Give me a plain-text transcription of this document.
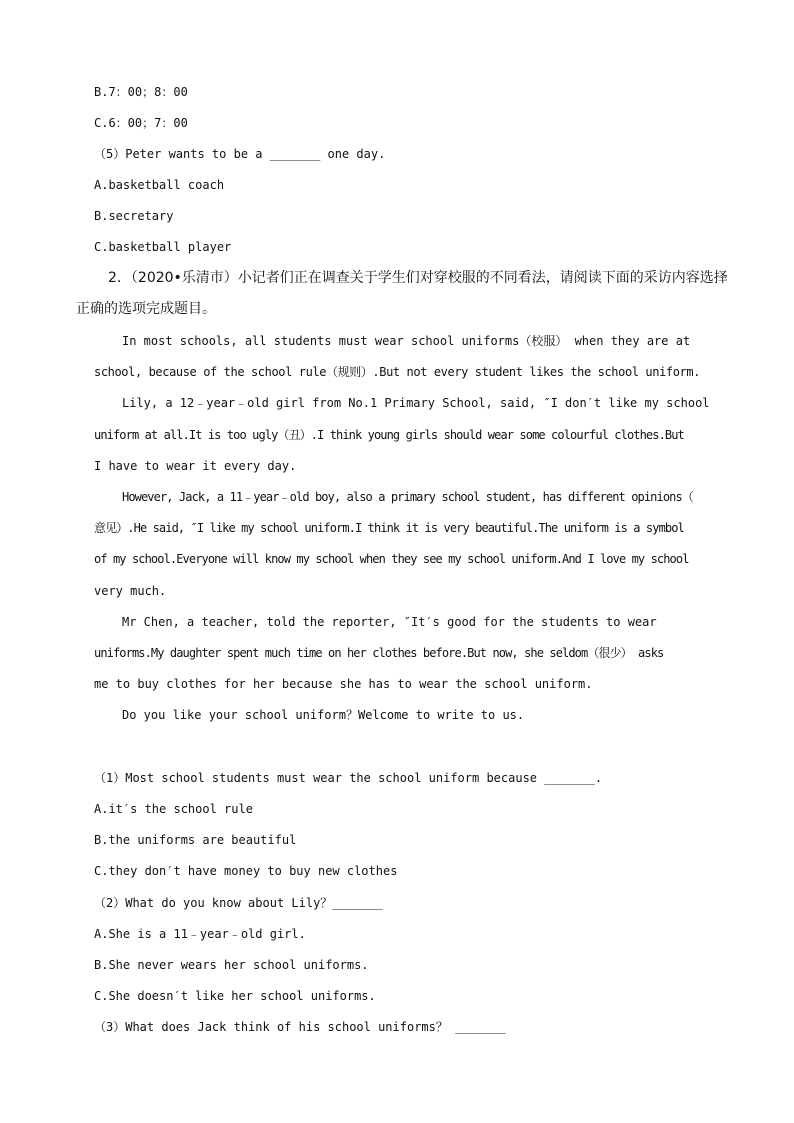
B.7：00；8：00
C.6：00；7：00
（5）Peter wants to be a _______ one day.
A.basketball coach
B.secretary
C.basketball player
2．（2020•乐清市）小记者们正在调查关于学生们对穿校服的不同看法，请阅读下面的采访内容选择
正确的选项完成题目。
In most schools, all students must wear school uniforms（校服） when they are at
school, because of the school rule（规则）.But not every student likes the school uniform.
Lily, a 12﹣year﹣old girl from No.1 Primary School, said, ″I don′t like my school
uniform at all.It is too ugly（丑）.I think young girls should wear some colourful clothes.But
I have to wear it every day.
However, Jack, a 11﹣year﹣old boy, also a primary school student, has different opinions（
意见）.He said, ″I like my school uniform.I think it is very beautiful.The uniform is a symbol
of my school.Everyone will know my school when they see my school uniform.And I love my school
very much.
Mr Chen, a teacher, told the reporter, ″It′s good for the students to wear
uniforms.My daughter spent much time on her clothes before.But now, she seldom（很少） asks
me to buy clothes for her because she has to wear the school uniform.
Do you like your school uniform？Welcome to write to us.
（1）Most school students must wear the school uniform because _______.
A.it′s the school rule
B.the uniforms are beautiful
C.they don′t have money to buy new clothes
（2）What do you know about Lily？_______
A.She is a 11﹣year﹣old girl.
B.She never wears her school uniforms.
C.She doesn′t like her school uniforms.
（3）What does Jack think of his school uniforms？ _______
